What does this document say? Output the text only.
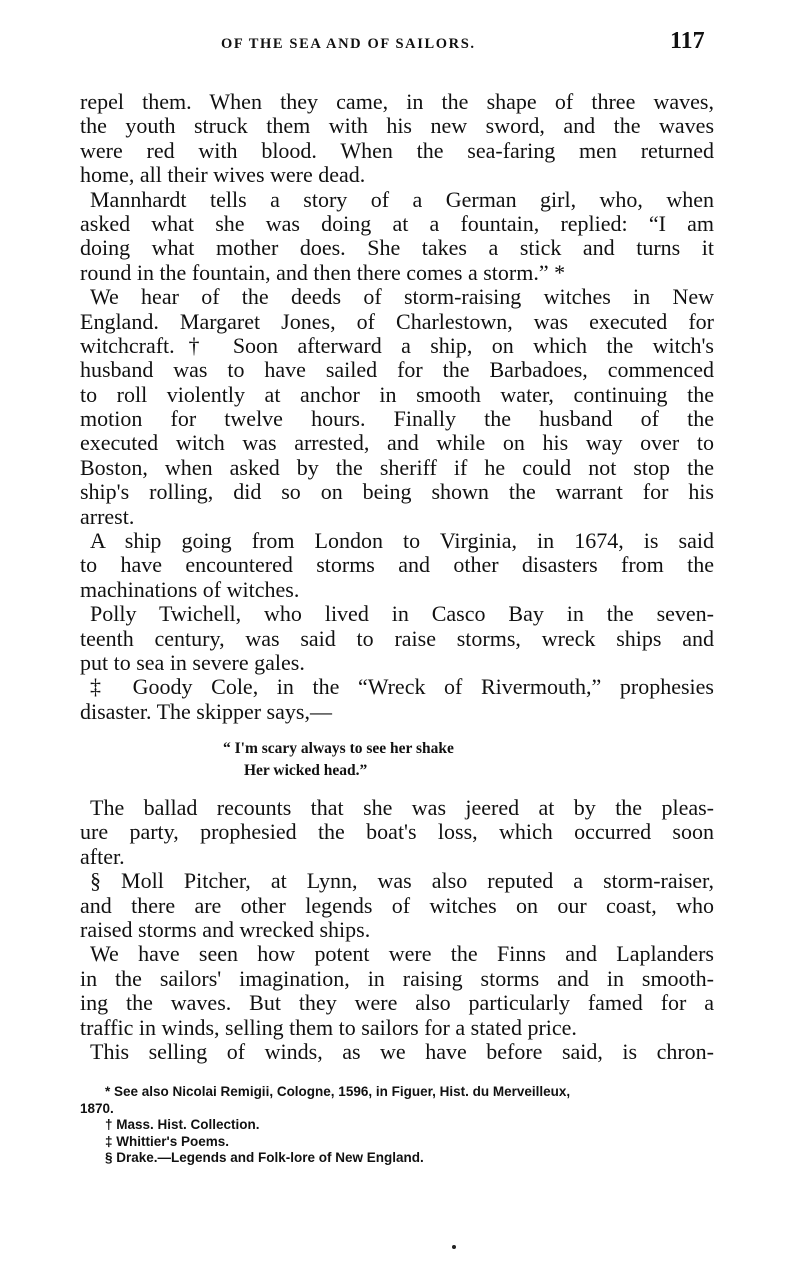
OF THE SEA AND OF SAILORS.	117
repel them. When they came, in the shape of three waves,
the youth struck them with his new sword, and the waves
were red with blood. When the sea-faring men returned
home, all their wives were dead.
Mannhardt tells a story of a German girl, who, when
asked what she was doing at a fountain, replied: “I am
doing what mother does. She takes a stick and turns it
round in the fountain, and then there comes a storm.” *
We hear of the deeds of storm-raising witches in New
England. Margaret Jones, of Charlestown, was executed for
witchcraft.† Soon afterward a ship, on which the witch's
husband was to have sailed for the Barbadoes, commenced
to roll violently at anchor in smooth water, continuing the
motion for twelve hours. Finally the husband of the
executed witch was arrested, and while on his way over to
Boston, when asked by the sheriff if he could not stop the
ship's rolling, did so on being shown the warrant for his
arrest.
A ship going from London to Virginia, in 1674, is said
to have encountered storms and other disasters from the
machinations of witches.
Polly Twichell, who lived in Casco Bay in the seven-
teenth century, was said to raise storms, wreck ships and
put to sea in severe gales.
‡ Goody Cole, in the “Wreck of Rivermouth,” prophesies
disaster. The skipper says,—
“ I'm scary always to see her shake
Her wicked head.”
The ballad recounts that she was jeered at by the pleas-
ure party, prophesied the boat's loss, which occurred soon
after.
§ Moll Pitcher, at Lynn, was also reputed a storm-raiser,
and there are other legends of witches on our coast, who
raised storms and wrecked ships.
We have seen how potent were the Finns and Laplanders
in the sailors' imagination, in raising storms and in smooth-
ing the waves. But they were also particularly famed for a
traffic in winds, selling them to sailors for a stated price.
This selling of winds, as we have before said, is chron-
* See also Nicolai Remigii, Cologne, 1596, in Figuer, Hist. du Merveilleux,
1870.
† Mass. Hist. Collection.
‡ Whittier's Poems.
§ Drake.—Legends and Folk-lore of New England.
